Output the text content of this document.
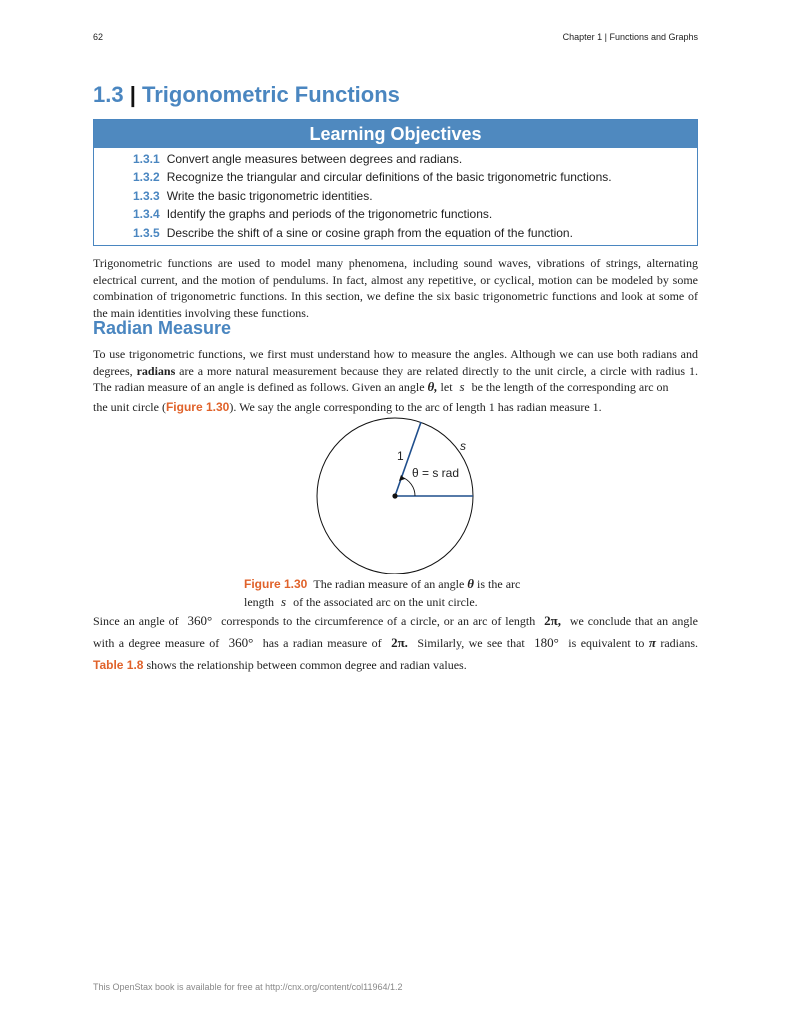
62	Chapter 1 | Functions and Graphs
1.3 | Trigonometric Functions
Learning Objectives
1.3.1 Convert angle measures between degrees and radians.
1.3.2 Recognize the triangular and circular definitions of the basic trigonometric functions.
1.3.3 Write the basic trigonometric identities.
1.3.4 Identify the graphs and periods of the trigonometric functions.
1.3.5 Describe the shift of a sine or cosine graph from the equation of the function.

Trigonometric functions are used to model many phenomena, including sound waves, vibrations of strings, alternating electrical current, and the motion of pendulums. In fact, almost any repetitive, or cyclical, motion can be modeled by some combination of trigonometric functions. In this section, we define the six basic trigonometric functions and look at some of the main identities involving these functions.

Radian Measure

To use trigonometric functions, we first must understand how to measure the angles. Although we can use both radians and degrees, radians are a more natural measurement because they are related directly to the unit circle, a circle with radius 1. The radian measure of an angle is defined as follows. Given an angle θ, let s be the length of the corresponding arc on
the unit circle (Figure 1.30). We say the angle corresponding to the arc of length 1 has radian measure 1.

1
s
θ = s rad
Figure 1.30 The radian measure of an angle θ is the arc length s of the associated arc on the unit circle.

Since an angle of 360° corresponds to the circumference of a circle, or an arc of length 2π, we conclude that an angle with a degree measure of 360° has a radian measure of 2π. Similarly, we see that 180° is equivalent to π radians. Table 1.8 shows the relationship between common degree and radian values.

This OpenStax book is available for free at http://cnx.org/content/col11964/1.2
